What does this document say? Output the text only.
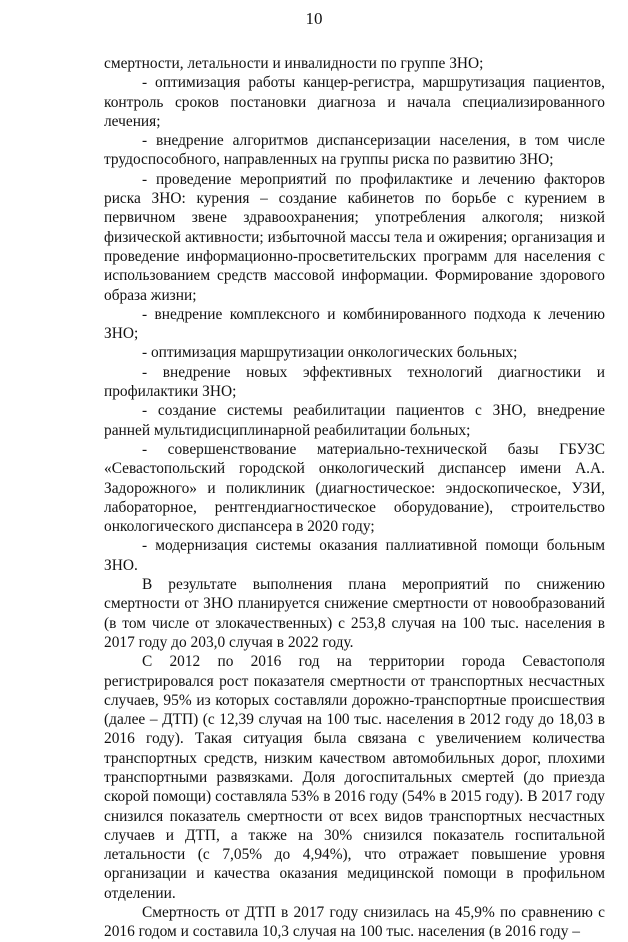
10

смертности, летальности и инвалидности по группе ЗНО;

- оптимизация работы канцер-регистра, маршрутизация пациентов, контроль сроков постановки диагноза и начала специализированного лечения;

- внедрение алгоритмов диспансеризации населения, в том числе трудоспособного, направленных на группы риска по развитию ЗНО;

- проведение мероприятий по профилактике и лечению факторов риска ЗНО: курения – создание кабинетов по борьбе с курением в первичном звене здравоохранения; употребления алкоголя; низкой физической активности; избыточной массы тела и ожирения; организация и проведение информационно-просветительских программ для населения с использованием средств массовой информации. Формирование здорового образа жизни;

- внедрение комплексного и комбинированного подхода к лечению ЗНО;

- оптимизация маршрутизации онкологических больных;

- внедрение новых эффективных технологий диагностики и профилактики ЗНО;

- создание системы реабилитации пациентов с ЗНО, внедрение ранней мультидисциплинарной реабилитации больных;

- совершенствование материально-технической базы ГБУЗС «Севастопольский городской онкологический диспансер имени А.А. Задорожного» и поликлиник (диагностическое: эндоскопическое, УЗИ, лабораторное, рентгендиагностическое оборудование), строительство онкологического диспансера в 2020 году;

- модернизация системы оказания паллиативной помощи больным ЗНО.

В результате выполнения плана мероприятий по снижению смертности от ЗНО планируется снижение смертности от новообразований (в том числе от злокачественных) с 253,8 случая на 100 тыс. населения в 2017 году до 203,0 случая в 2022 году.

С 2012 по 2016 год на территории города Севастополя регистрировался рост показателя смертности от транспортных несчастных случаев, 95% из которых составляли дорожно-транспортные происшествия (далее – ДТП) (с 12,39 случая на 100 тыс. населения в 2012 году до 18,03 в 2016 году). Такая ситуация была связана с увеличением количества транспортных средств, низким качеством автомобильных дорог, плохими транспортными развязками. Доля догоспитальных смертей (до приезда скорой помощи) составляла 53% в 2016 году (54% в 2015 году). В 2017 году снизился показатель смертности от всех видов транспортных несчастных случаев и ДТП, а также на 30% снизился показатель госпитальной летальности (с 7,05% до 4,94%), что отражает повышение уровня организации и качества оказания медицинской помощи в профильном отделении.

Смертность от ДТП в 2017 году снизилась на 45,9% по сравнению с 2016 годом и составила 10,3 случая на 100 тыс. населения (в 2016 году –
